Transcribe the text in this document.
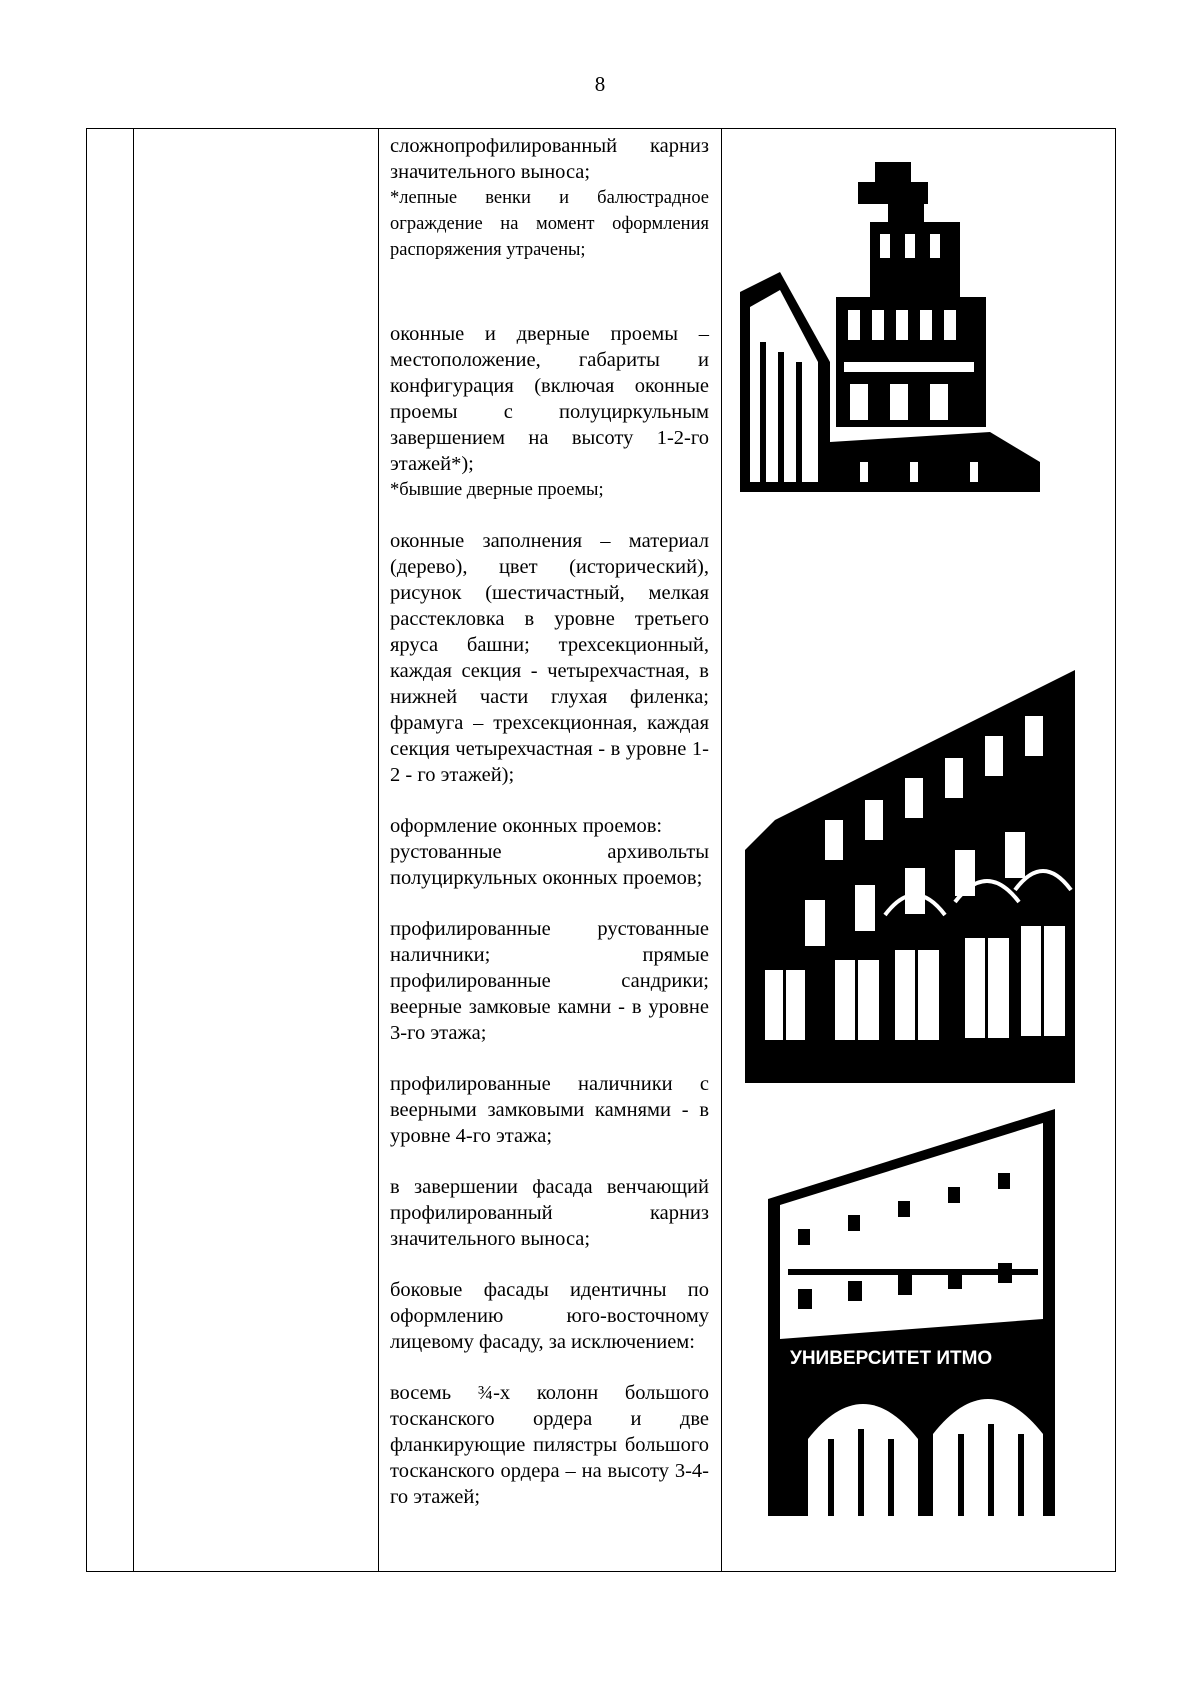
8

сложнопрофилированный карниз значительного выноса;

*лепные венки и балюстрадное ограждение на момент оформления распоряжения утрачены;

оконные и дверные проемы – местоположение, габариты и конфигурация (включая оконные проемы с полуциркульным завершением на высоту 1-2-го этажей*);

*бывшие дверные проемы;

оконные заполнения – материал (дерево), цвет (исторический), рисунок (шестичастный, мелкая расстекловка в уровне третьего яруса башни; трехсекционный, каждая секция - четырехчастная, в нижней части глухая филенка; фрамуга – трехсекционная, каждая секция четырехчастная - в уровне 1-2 - го этажей);

оформление оконных проемов:

рустованные архивольты полуциркульных оконных проемов;

профилированные рустованные наличники; прямые профилированные сандрики; веерные замковые камни - в уровне 3-го этажа;

профилированные наличники с веерными замковыми камнями - в уровне 4-го этажа;

в завершении фасада венчающий профилированный карниз значительного выноса;

боковые фасады идентичны по оформлению юго-восточному лицевому фасаду, за исключением:

восемь ¾-х колонн большого тосканского ордера и две фланкирующие пилястры большого тосканского ордера – на высоту 3-4-го этажей;

УНИВЕРСИТЕТ ИТМО
